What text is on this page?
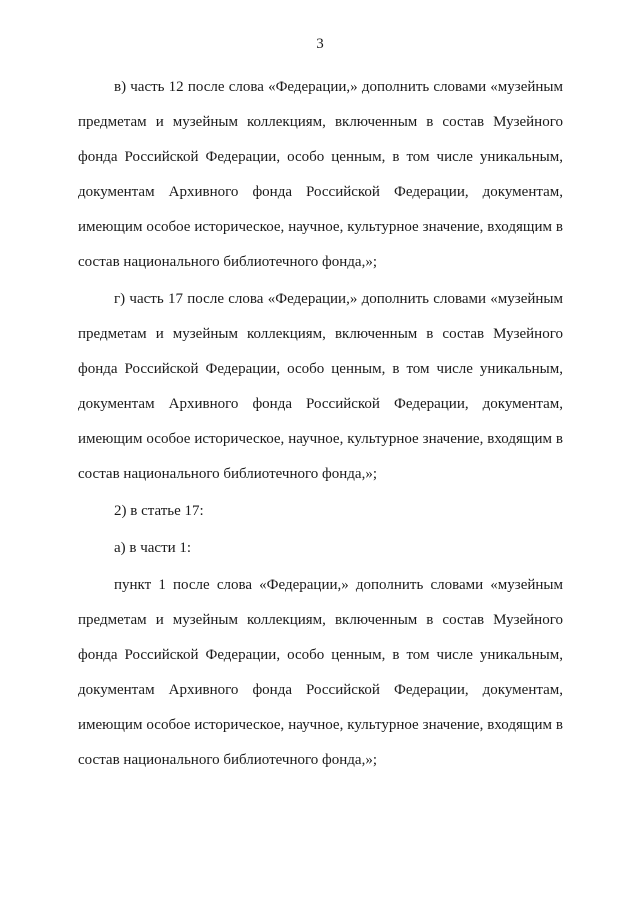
3

в) часть 12 после слова «Федерации,» дополнить словами «музейным предметам и музейным коллекциям, включенным в состав Музейного фонда Российской Федерации, особо ценным, в том числе уникальным, документам Архивного фонда Российской Федерации, документам, имеющим особое историческое, научное, культурное значение, входящим в состав национального библиотечного фонда,»;

г) часть 17 после слова «Федерации,» дополнить словами «музейным предметам и музейным коллекциям, включенным в состав Музейного фонда Российской Федерации, особо ценным, в том числе уникальным, документам Архивного фонда Российской Федерации, документам, имеющим особое историческое, научное, культурное значение, входящим в состав национального библиотечного фонда,»;

2) в статье 17:

а) в части 1:

пункт 1 после слова «Федерации,» дополнить словами «музейным предметам и музейным коллекциям, включенным в состав Музейного фонда Российской Федерации, особо ценным, в том числе уникальным, документам Архивного фонда Российской Федерации, документам, имеющим особое историческое, научное, культурное значение, входящим в состав национального библиотечного фонда,»;
